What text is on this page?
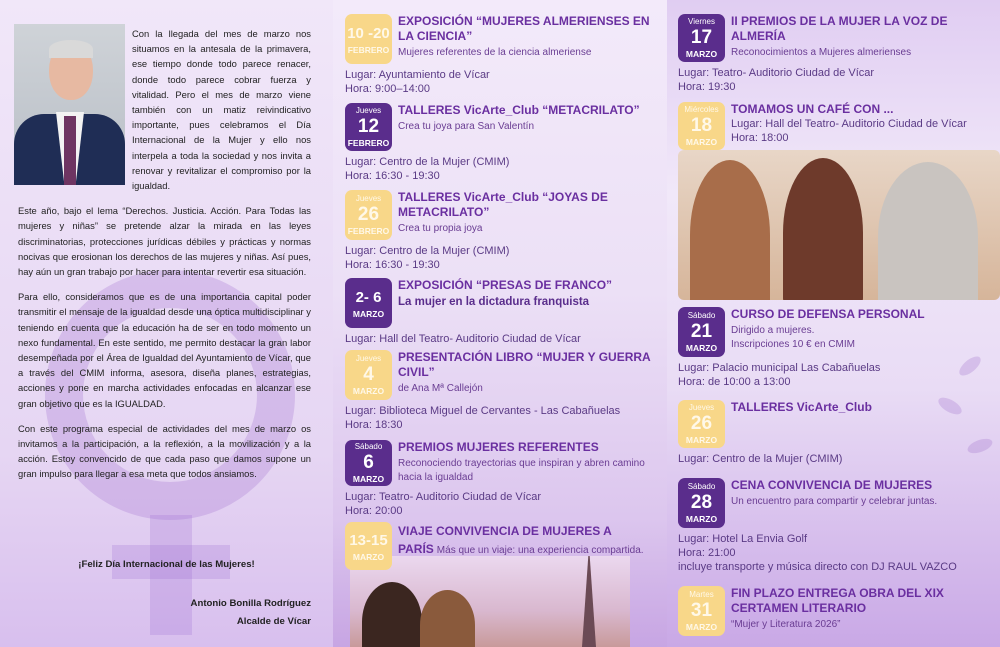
Con la llegada del mes de marzo nos situamos en la antesala de la primavera, ese tiempo donde todo parece renacer, donde todo parece cobrar fuerza y vitalidad. Pero el mes de marzo viene también con un matiz reivindicativo importante, pues celebramos el Día Internacional de la Mujer y ello nos interpela a toda la sociedad y nos invita a renovar y revitalizar el compromiso por la igualdad.

Este año, bajo el lema “Derechos. Justicia. Acción. Para Todas las mujeres y niñas” se pretende alzar la mirada en las leyes discriminatorias, protecciones jurídicas débiles y prácticas y normas nocivas que erosionan los derechos de las mujeres y niñas. Así pues, hay aún un gran trabajo por hacer para intentar revertir esa situación.

Para ello, consideramos que es de una importancia capital poder transmitir el mensaje de la igualdad desde una óptica multidisciplinar y teniendo en cuenta que la educación ha de ser en todo momento un nexo fundamental. En este sentido, me permito destacar la gran labor desempeñada por el Área de Igualdad del Ayuntamiento de Vícar, que a través del CMIM informa, asesora, diseña planes, estrategias, acciones y pone en marcha actividades enfocadas en alcanzar ese gran objetivo que es la IGUALDAD.

Con este programa especial de actividades del mes de marzo os invitamos a la participación, a la reflexión, a la movilización y a la acción. Estoy convencido de que cada paso que damos supone un gran impulso para llegar a esa meta que todos ansiamos.

¡Feliz Día Internacional de las Mujeres!

Antonio Bonilla Rodríguez

Alcalde de Vícar

10 -20
FEBRERO
EXPOSICIÓN “MUJERES ALMERIENSES EN LA CIENCIA”
Mujeres referentes de la ciencia almeriense
Lugar: Ayuntamiento de Vícar
Hora: 9:00–14:00
Jueves
12
FEBRERO
TALLERES VicArte_Club “METACRILATO”
Crea tu joya para San Valentín
Lugar: Centro de la Mujer (CMIM)
Hora: 16:30 - 19:30
Jueves
26
FEBRERO
TALLERES VicArte_Club “JOYAS DE METACRILATO”
Crea tu propia joya
Lugar: Centro de la Mujer (CMIM)
Hora: 16:30 - 19:30
2- 6
MARZO
EXPOSICIÓN “PRESAS DE FRANCO”
La mujer en la dictadura franquista
Lugar: Hall del Teatro- Auditorio Ciudad de Vícar
Jueves
4
MARZO
PRESENTACIÓN LIBRO “MUJER Y GUERRA CIVIL”
de Ana Mª Callejón
Lugar: Biblioteca Miguel de Cervantes - Las Cabañuelas
Hora: 18:30
Sábado
6
MARZO
PREMIOS MUJERES REFERENTES
Reconociendo trayectorias que inspiran y abren camino hacia la igualdad
Lugar: Teatro- Auditorio Ciudad de Vícar
Hora: 20:00
13-15
MARZO
VIAJE CONVIVENCIA DE MUJERES A PARÍS Más que un viaje: una experiencia compartida.
Viernes
17
MARZO
II PREMIOS DE LA MUJER LA VOZ DE ALMERÍA
Reconocimientos a Mujeres almerienses
Lugar: Teatro- Auditorio Ciudad de Vícar
Hora: 19:30
Miércoles
18
MARZO
TOMAMOS UN CAFÉ CON ...
Lugar: Hall del Teatro- Auditorio Ciudad de Vícar
Hora: 18:00
Sábado
21
MARZO
CURSO DE DEFENSA PERSONAL
Dirigido a mujeres. Inscripciones 10 € en CMIM
Lugar: Palacio municipal Las Cabañuelas
Hora: de 10:00 a 13:00
Jueves
26
MARZO
TALLERES VicArte_Club
Lugar: Centro de la Mujer (CMIM)
Sábado
28
MARZO
CENA CONVIVENCIA DE MUJERES
Un encuentro para compartir y celebrar juntas.
Lugar: Hotel La Envia Golf
Hora: 21:00
incluye transporte y música directo con DJ RAUL VAZCO
Martes
31
MARZO
FIN PLAZO ENTREGA OBRA DEL XIX CERTAMEN LITERARIO
“Mujer y Literatura 2026”
